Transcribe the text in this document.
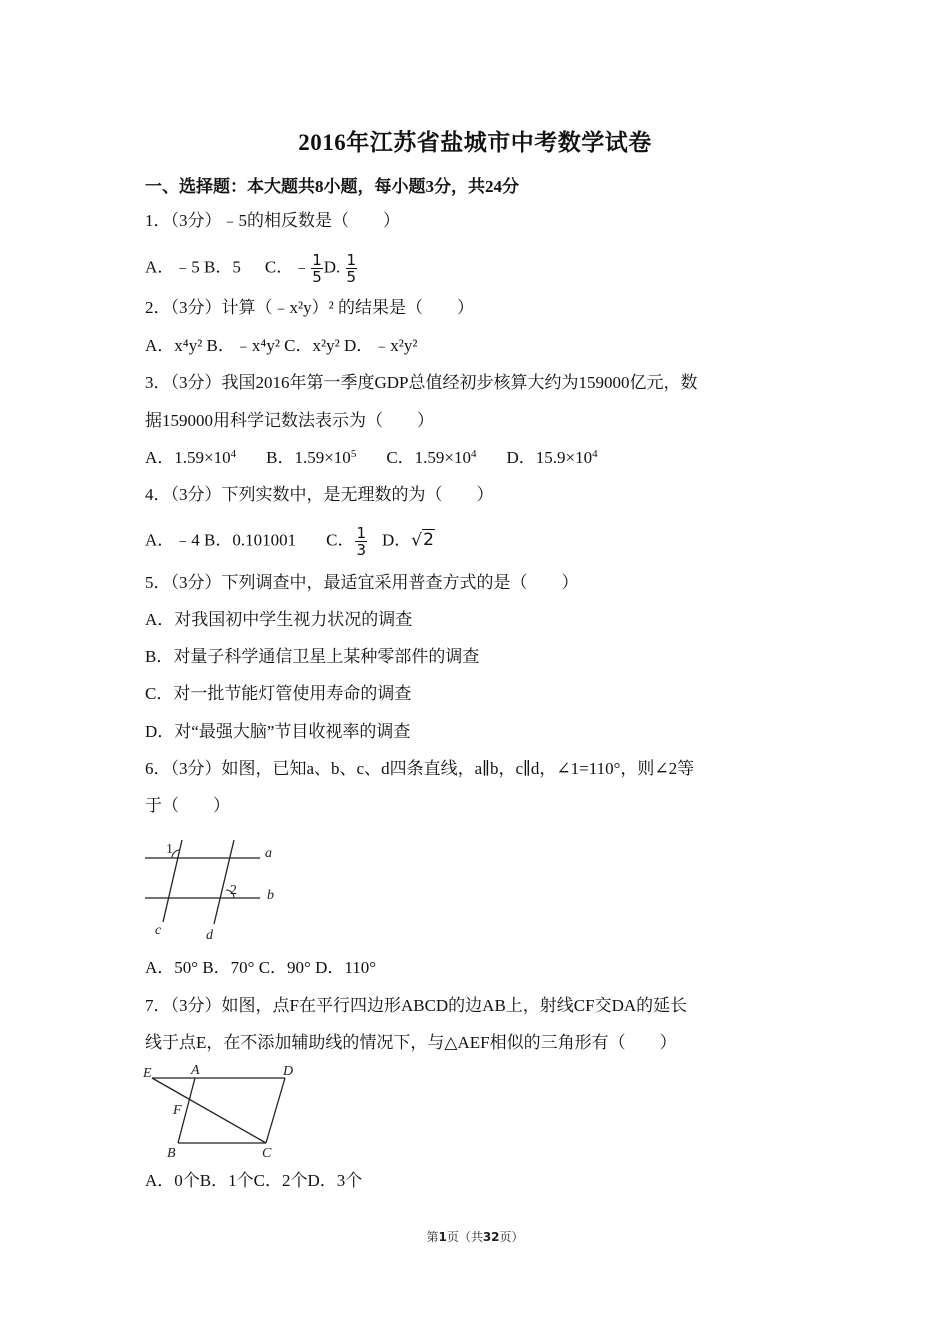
2016年江苏省盐城市中考数学试卷
一、选择题：本大题共8小题，每小题3分，共24分
1．（3分）﹣5的相反数是（　　）
A．﹣5 B．5 C．﹣ $\frac{1}{5} D$. $\frac{1}{5}$
2．（3分）计算（﹣x²y）² 的结果是（　　）
A．x⁴y² B．﹣x⁴y² C．x²y² D．﹣x²y²
3．（3分）我国2016年第一季度GDP总值经初步核算大约为159000亿元，数
据159000用科学记数法表示为（　　）
A．$1.59\times 10^4$ B．$1.59\times 10^5$ C．$1.59\times 10^4$ D．$15.9\times 10^4$
4．（3分）下列实数中，是无理数的为（　　）
A．﹣4 B．0.101001 C． $\frac{1}{3}$ D．√2
5．（3分）下列调查中，最适宜采用普查方式的是（　　）
A．对我国初中学生视力状况的调查
B．对量子科学通信卫星上某种零部件的调查
C．对一批节能灯管使用寿命的调查
D．对“最强大脑”节目收视率的调查
6．（3分）如图，已知a、b、c、d四条直线，a∥b，c∥d，∠1=110°，则∠2等
于（　　）
1
2
a
b
c	d
A．50° B．70° C．90° D．110°
7．（3分）如图，点F在平行四边形ABCD的边AB上，射线CF交DA的延长
线于点E，在不添加辅助线的情况下，与△AEF相似的三角形有（　　）
E	A	D
F
B	C
A．0个B．1个C．2个D．3个
第1页（共32页）
